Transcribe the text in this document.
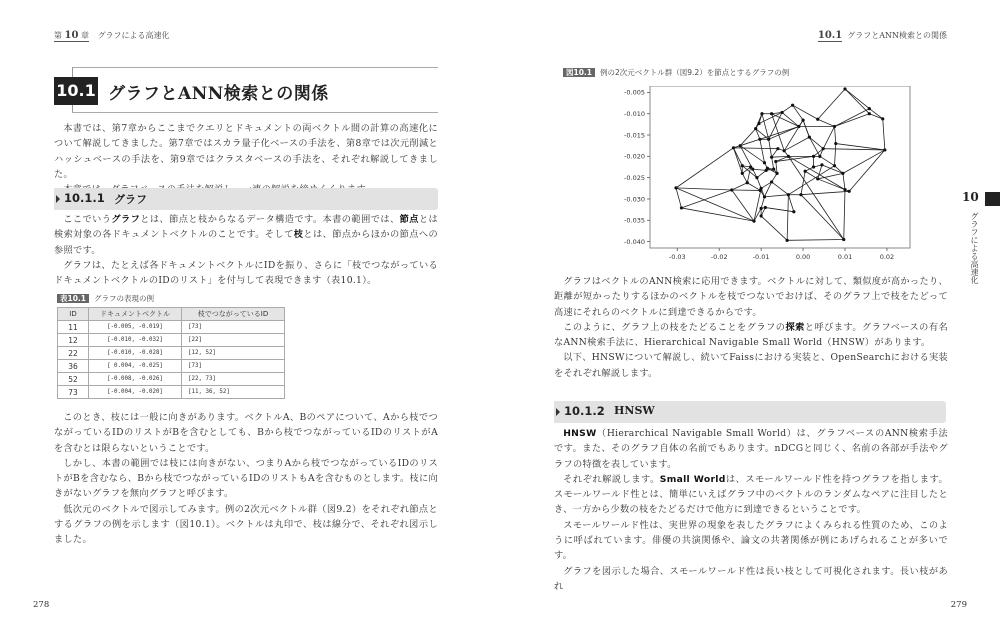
第 10 章 グラフによる高速化
10.1 グラフとANN検索との関係

本書では、第7章からここまでクエリとドキュメントの両ベクトル間の計算の高速化について解説してきました。第7章ではスカラ量子化ベースの手法を、第8章では次元削減とハッシュベースの手法を、第9章ではクラスタベースの手法を、それぞれ解説してきました。

10.1.1 グラフ

ここでいうグラフとは、節点と枝からなるデータ構造です。本書の範囲では、節点とは検索対象の各ドキュメントベクトルのことです。そして枝とは、節点からほかの節点への参照です。

グラフは、たとえば各ドキュメントベクトルにIDを振り、さらに「枝でつながっているドキュメントベクトルのIDのリスト」を付与して表現できます（表10.1）。

表10.1 グラフの表現の例
ID	ドキュメントベクトル	枝でつながっているID
11	[-0.005, -0.019]	[73]
12	[-0.010, -0.032]	[22]
22	[-0.010, -0.028]	[12, 52]
36	[ 0.004, -0.025]	[73]
52	[-0.008, -0.026]	[22, 73]
73	[-0.004, -0.020]	[11, 36, 52]

このとき、枝には一般に向きがあります。ベクトルA、Bのペアについて、Aから枝でつながっているIDのリストがBを含むとしても、Bから枝でつながっているIDのリストがAを含むとは限らないということです。

しかし、本書の範囲では枝には向きがない、つまりAから枝でつながっているIDのリストがBを含むなら、Bから枝でつながっているIDのリストもAを含むものとします。枝に向きがないグラフを無向グラフと呼びます。

低次元のベクトルで図示してみます。例の2次元ベクトル群（図9.2）をそれぞれ節点とするグラフの例を示します（図10.1）。ベクトルは丸印で、枝は線分で、それぞれ図示しました。

278
10.1 グラフとANN検索との関係
図10.1 例の2次元ベクトル群（図9.2）を節点とするグラフの例

グラフはベクトルのANN検索に応用できます。ベクトルに対して、類似度が高かったり、距離が短かったりするほかのベクトルを枝でつないでおけば、そのグラフ上で枝をたどって高速にそれらのベクトルに到達できるからです。

このように、グラフ上の枝をたどることをグラフの探索と呼びます。グラフベースの有名なANN検索手法に、Hierarchical Navigable Small World（HNSW）があります。

以下、HNSWについて解説し、続いてFaissにおける実装と、OpenSearchにおける実装をそれぞれ解説します。

10.1.2 HNSW

HNSW（Hierarchical Navigable Small World）は、グラフベースのANN検索手法です。また、そのグラフ自体の名前でもあります。nDCGと同じく、名前の各部が手法やグラフの特徴を表しています。

それぞれ解説します。Small Worldは、スモールワールド性を持つグラフを指します。スモールワールド性とは、簡単にいえばグラフ中のベクトルのランダムなペアに注目したとき、一方から少数の枝をたどるだけで他方に到達できるということです。

スモールワールド性は、実世界の現象を表したグラフによくみられる性質のため、このように呼ばれています。俳優の共演関係や、論文の共著関係が例にあげられることが多いです。

グラフを図示した場合、スモールワールド性は長い枝として可視化されます。長い枝があれ

279
10
グラフによる高速化
-0.03	-0.02	-0.01	0.00	0.01	0.02
-0.005
-0.010
-0.015
-0.020
-0.025
-0.030
-0.035
-0.040
